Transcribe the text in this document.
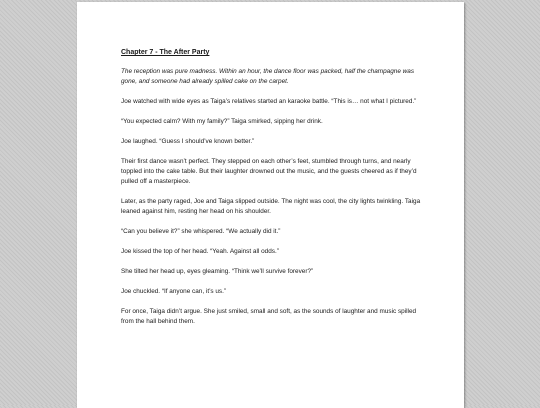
Chapter 7 - The After Party

The reception was pure madness. Within an hour, the dance floor was packed, half the champagne was gone, and someone had already spilled cake on the carpet.

Joe watched with wide eyes as Taiga’s relatives started an karaoke battle. “This is… not what I pictured.”

“You expected calm? With my family?” Taiga smirked, sipping her drink.

Joe laughed. “Guess I should’ve known better.”

Their first dance wasn’t perfect. They stepped on each other’s feet, stumbled through turns, and nearly toppled into the cake table. But their laughter drowned out the music, and the guests cheered as if they’d pulled off a masterpiece.

Later, as the party raged, Joe and Taiga slipped outside. The night was cool, the city lights twinkling. Taiga leaned against him, resting her head on his shoulder.

“Can you believe it?” she whispered. “We actually did it.”

Joe kissed the top of her head. “Yeah. Against all odds.”

She tilted her head up, eyes gleaming. “Think we’ll survive forever?”

Joe chuckled. “If anyone can, it’s us.”

For once, Taiga didn’t argue. She just smiled, small and soft, as the sounds of laughter and music spilled from the hall behind them.
